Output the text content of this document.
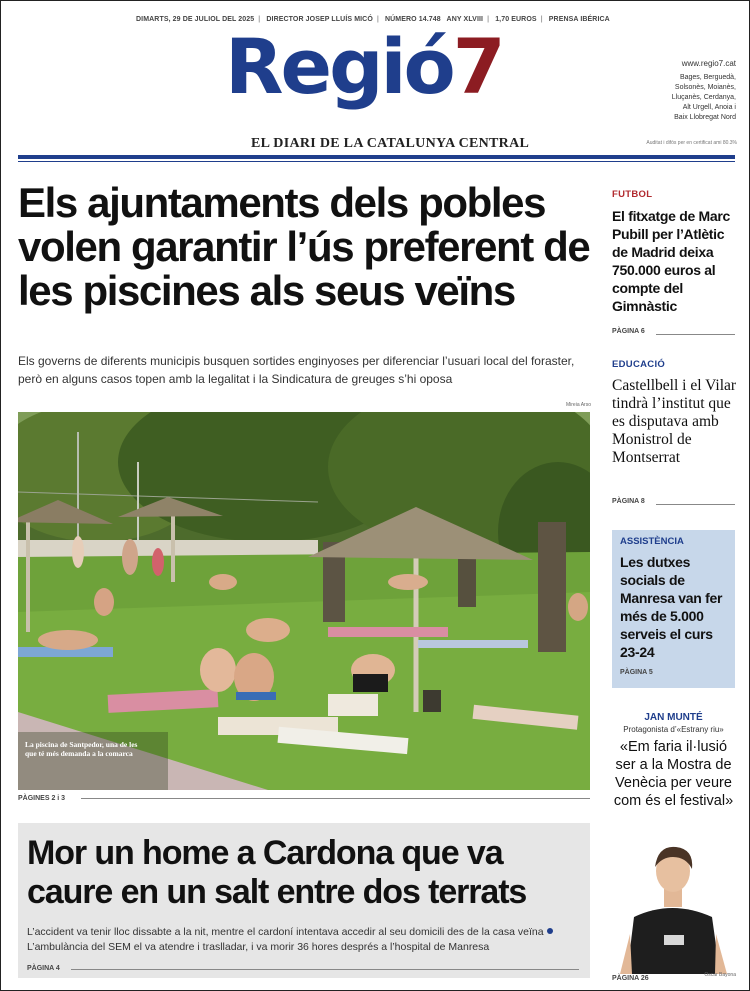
DIMARTS, 29 DE JULIOL DEL 2025 | DIRECTOR JOSEP LLUÍS MICÓ | NÚMERO 14.748 ANY XLVIII | 1,70 EUROS | PRENSA IBÉRICA
Regió7
EL DIARI DE LA CATALUNYA CENTRAL
www.regio7.cat
Bages, Berguedà,
Solsonès, Moianès,
Lluçanès, Cerdanya,
Alt Urgell, Anoia i
Baix Llobregat Nord
Auditat i difós per en certificat ami 80.3%
Els ajuntaments dels pobles volen garantir l’ús preferent de les piscines als seus veïns

Els governs de diferents municipis busquen sortides enginyoses per diferenciar l’usuari local del foraster, però en alguns casos topen amb la legalitat i la Sindicatura de greuges s’hi oposa

Mireia Arso
La piscina de Santpedor, una de les que té més demanda a la comarca
PÀGINES 2 i 3
Mor un home a Cardona que va caure en un salt entre dos terrats

L’accident va tenir lloc dissabte a la nit, mentre el cardoní intentava accedir al seu domicili des de la casa veïnaL’ambulància del SEM el va atendre i traslladar, i va morir 36 hores després a l’hospital de Manresa

PÀGINA 4
FUTBOL
El fitxatge de Marc Pubill per l’Atlètic de Madrid deixa 750.000 euros al compte del Gimnàstic
PÀGINA 6
EDUCACIÓ
Castellbell i el Vilar tindrà l’institut que es disputava amb Monistrol de Montserrat
PÀGINA 8
ASSISTÈNCIA
Les dutxes socials de Manresa van fer més de 5.000 serveis el curs 23-24
PÀGINA 5
JAN MUNTÉ
Protagonista d’«Estrany riu»
«Em faria il·lusió ser a la Mostra de Venècia per veure com és el festival»
Oscar Bayona
PÀGINA 26
